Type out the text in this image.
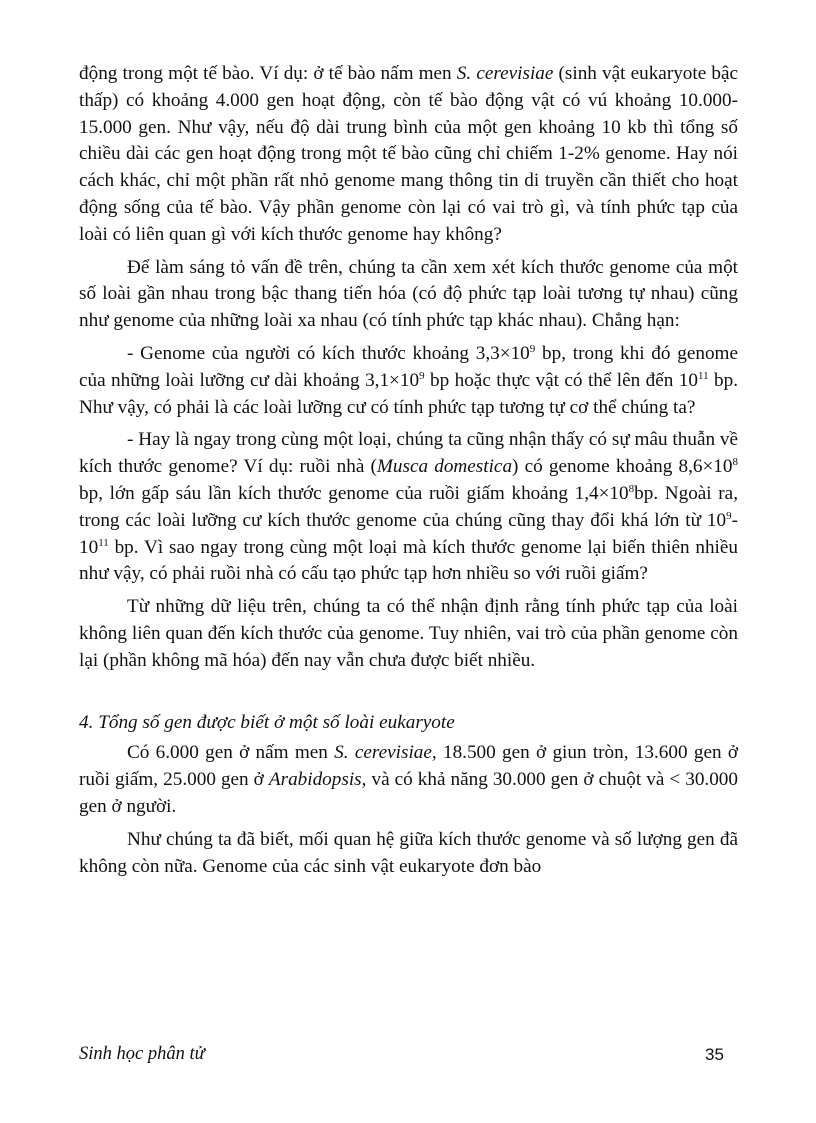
động trong một tế bào. Ví dụ: ở tế bào nấm men S. cerevisiae (sinh vật eukaryote bậc thấp) có khoảng 4.000 gen hoạt động, còn tế bào động vật có vú khoảng 10.000-15.000 gen. Như vậy, nếu độ dài trung bình của một gen khoảng 10 kb thì tổng số chiều dài các gen hoạt động trong một tế bào cũng chỉ chiếm 1-2% genome. Hay nói cách khác, chỉ một phần rất nhỏ genome mang thông tin di truyền cần thiết cho hoạt động sống của tế bào. Vậy phần genome còn lại có vai trò gì, và tính phức tạp của loài có liên quan gì với kích thước genome hay không?

Để làm sáng tỏ vấn đề trên, chúng ta cần xem xét kích thước genome của một số loài gần nhau trong bậc thang tiến hóa (có độ phức tạp loài tương tự nhau) cũng như genome của những loài xa nhau (có tính phức tạp khác nhau). Chẳng hạn:

- Genome của người có kích thước khoảng $3,3\times 10^9$ bp, trong khi đó genome của những loài lưỡng cư dài khoảng $3,1\times 10^9$ bp hoặc thực vật có thể lên đến $10^{11}$ bp. Như vậy, có phải là các loài lưỡng cư có tính phức tạp tương tự cơ thể chúng ta?

- Hay là ngay trong cùng một loại, chúng ta cũng nhận thấy có sự mâu thuẫn về kích thước genome? Ví dụ: ruồi nhà (Musca domestica) có genome khoảng $8,6\times 10^8$ bp, lớn gấp sáu lần kích thước genome của ruồi giấm khoảng $1,4\times 10^8bp$. Ngoài ra, trong các loài lưỡng cư kích thước genome của chúng cũng thay đổi khá lớn từ $10^9-10^{11}$ bp. Vì sao ngay trong cùng một loại mà kích thước genome lại biến thiên nhiều như vậy, có phải ruồi nhà có cấu tạo phức tạp hơn nhiều so với ruồi giấm?

Từ những dữ liệu trên, chúng ta có thể nhận định rằng tính phức tạp của loài không liên quan đến kích thước của genome. Tuy nhiên, vai trò của phần genome còn lại (phần không mã hóa) đến nay vẫn chưa được biết nhiều.

4. Tổng số gen được biết ở một số loài eukaryote

Có 6.000 gen ở nấm men S. cerevisiae, 18.500 gen ở giun tròn, 13.600 gen ở ruồi giấm, 25.000 gen ở Arabidopsis, và có khả năng 30.000 gen ở chuột và < 30.000 gen ở người.

Như chúng ta đã biết, mối quan hệ giữa kích thước genome và số lượng gen đã không còn nữa. Genome của các sinh vật eukaryote đơn bào

Sinh học phân tử	35
